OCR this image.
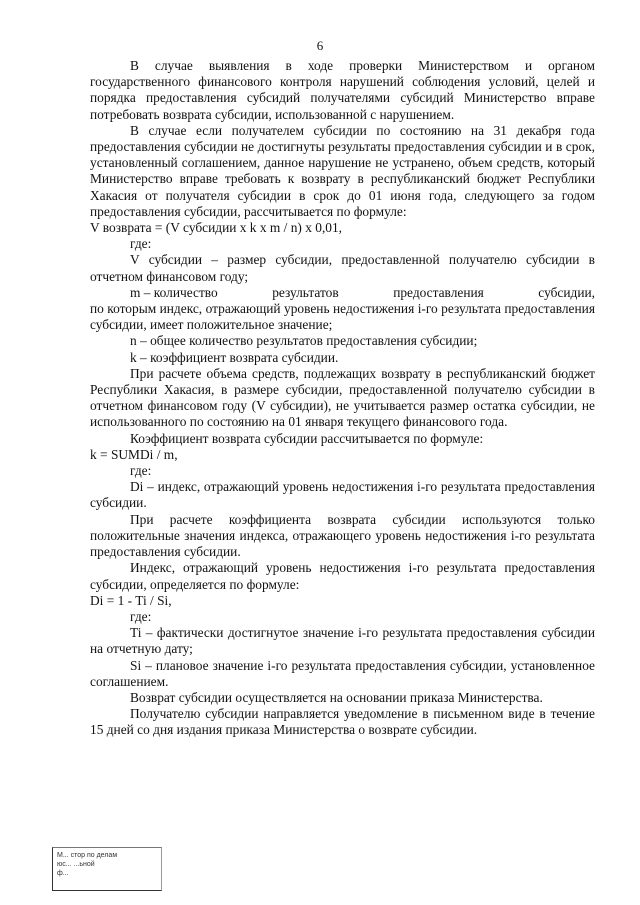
6

В случае выявления в ходе проверки Министерством и органом государственного финансового контроля нарушений соблюдения условий, целей и порядка предоставления субсидий получателями субсидий Министерство вправе потребовать возврата субсидии, использованной с нарушением.

В случае если получателем субсидии по состоянию на 31 декабря года предоставления субсидии не достигнуты результаты предоставления субсидии и в срок, установленный соглашением, данное нарушение не устранено, объем средств, который Министерство вправе требовать к возврату в республиканский бюджет Республики Хакасия от получателя субсидии в срок до 01 июня года, следующего за годом предоставления субсидии, рассчитывается по формуле:

V возврата = (V субсидии x k x m / n) x 0,01,

где:

V субсидии – размер субсидии, предоставленной получателю субсидии в отчетном финансовом году;

m – количество	результатов	предоставления	субсидии,

по которым индекс, отражающий уровень недостижения i-го результата предоставления субсидии, имеет положительное значение;

n – общее количество результатов предоставления субсидии;

k – коэффициент возврата субсидии.

При расчете объема средств, подлежащих возврату в республиканский бюджет Республики Хакасия, в размере субсидии, предоставленной получателю субсидии в отчетном финансовом году (V субсидии), не учитывается размер остатка субсидии, не использованного по состоянию на 01 января текущего финансового года.

Коэффициент возврата субсидии рассчитывается по формуле:

k = SUMDi / m,

где:

Di – индекс, отражающий уровень недостижения i-го результата предоставления субсидии.

При расчете коэффициента возврата субсидии используются только положительные значения индекса, отражающего уровень недостижения i-го результата предоставления субсидии.

Индекс, отражающий уровень недостижения i-го результата предоставления субсидии, определяется по формуле:

Di = 1 - Ti / Si,

где:

Ti – фактически достигнутое значение i-го результата предоставления субсидии на отчетную дату;

Si – плановое значение i-го результата предоставления субсидии, установленное соглашением.

Возврат субсидии осуществляется на основании приказа Министерства.

Получателю субсидии направляется уведомление в письменном виде в течение 15 дней со дня издания приказа Министерства о возврате субсидии.

М... стор по делам
юс... ...ьной
ф...
